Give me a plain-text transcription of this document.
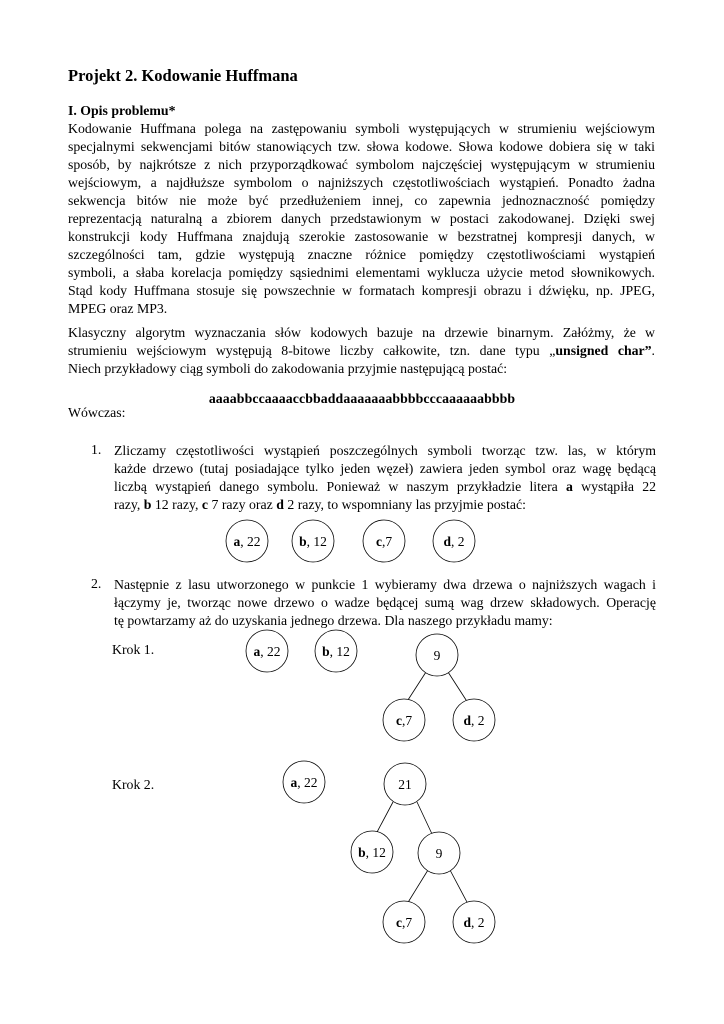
Projekt 2. Kodowanie Huffmana
I. Opis problemu*

Kodowanie Huffmana polega na zastępowaniu symboli występujących w strumieniu wejściowym
specjalnymi sekwencjami bitów stanowiących tzw. słowa kodowe. Słowa kodowe dobiera się w taki
sposób, by najkrótsze z nich przyporządkować symbolom najczęściej występującym w strumieniu
wejściowym, a najdłuższe symbolom o najniższych częstotliwościach wystąpień. Ponadto żadna
sekwencja bitów nie może być przedłużeniem innej, co zapewnia jednoznaczność pomiędzy
reprezentacją naturalną a zbiorem danych przedstawionym w postaci zakodowanej. Dzięki swej
konstrukcji kody Huffmana znajdują szerokie zastosowanie w bezstratnej kompresji danych, w
szczególności tam, gdzie występują znaczne różnice pomiędzy częstotliwościami wystąpień
symboli, a słaba korelacja pomiędzy sąsiednimi elementami wyklucza użycie metod słownikowych.
Stąd kody Huffmana stosuje się powszechnie w formatach kompresji obrazu i dźwięku, np. JPEG,
MPEG oraz MP3.

Klasyczny algorytm wyznaczania słów kodowych bazuje na drzewie binarnym. Załóżmy, że w
strumieniu wejściowym występują 8-bitowe liczby całkowite, tzn. dane typu „unsigned char”.
Niech przykładowy ciąg symboli do zakodowania przyjmie następującą postać:

aaaabbccaaaaccbbaddaaaaaaabbbbcccaaaaaabbbb

Wówczas:

1. Zliczamy częstotliwości wystąpień poszczególnych symboli tworząc tzw. las, w którym
każde drzewo (tutaj posiadające tylko jeden węzeł) zawiera jeden symbol oraz wagę będącą
liczbą wystąpień danego symbolu. Ponieważ w naszym przykładzie litera a wystąpiła 22
razy, b 12 razy, c 7 razy oraz d 2 razy, to wspomniany las przyjmie postać:

2. Następnie z lasu utworzonego w punkcie 1 wybieramy dwa drzewa o najniższych wagach i
łączymy je, tworząc nowe drzewo o wadze będącej sumą wag drzew składowych. Operację
tę powtarzamy aż do uzyskania jednego drzewa. Dla naszego przykładu mamy:

Krok 1.

Krok 2.

a, 22	b, 12	c,7	d, 2
a, 22	b, 12	9
c,7	d, 2
a, 22	21
b, 12	9
c,7	d, 2
